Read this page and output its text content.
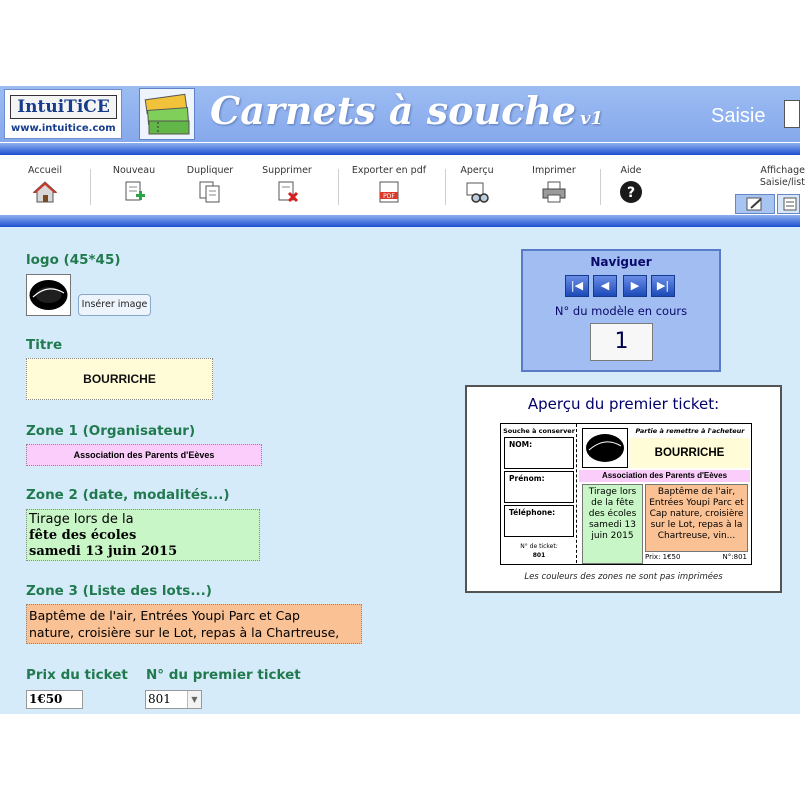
IntuiTiCE
www.intuitice.com Carnets à souche v1	Saisie
Accueil	Nouveau	Dupliquer	Supprimer	Exporter en pdf
PDF
Aperçu	Imprimer	Aide
?
Affichage
Saisie/list
logo (45*45)
Insérer image
Titre
BOURRICHE
Zone 1 (Organisateur)
Association des Parents d'Eèves
Zone 2 (date, modalités...)
Tirage lors de la
fête des écoles
samedi 13 juin 2015
Zone 3 (Liste des lots...)
Baptême de l'air, Entrées Youpi Parc et Cap
nature, croisière sur le Lot, repas à la Chartreuse,
Prix du ticket
1€50
N° du premier ticket
801	▼
Naviguer
|◀	◀	▶	▶|
N° du modèle en cours
1
Aperçu du premier ticket:
Souche à conserver
NOM:
Prénom:
Téléphone:
N° de ticket:
801
Partie à remettre à l'acheteur
BOURRICHE
Association des Parents d'Eèves
Tirage lors de la fête des écoles samedi 13 juin 2015
Baptême de l'air, Entrées Youpi Parc et Cap nature, croisière sur le Lot, repas à la Chartreuse, vin...
Prix: 1€50	N°:801
Les couleurs des zones ne sont pas imprimées
